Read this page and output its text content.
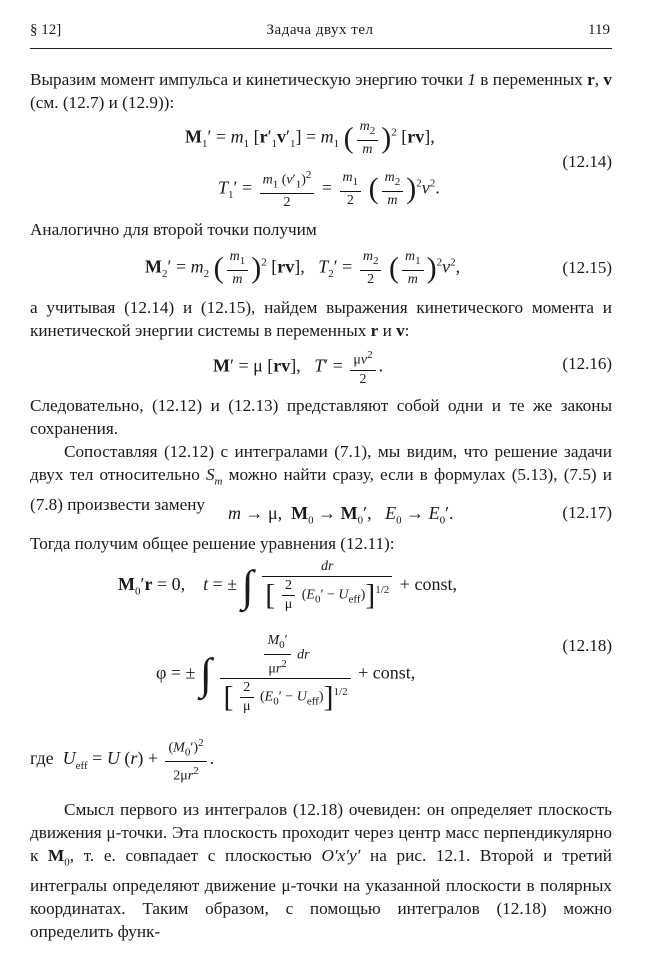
§ 12]	Задача двух тел	119
Выразим момент импульса и кинетическую энергию точки 1 в переменных r, v (см. (12.7) и (12.9)):
$M_1' = m_1$ $[r'_1v'_1] = m_1$ ( $\frac{m_2}{m} )^2$ [rv],
(12.14)
$T_1' = \frac{m_1 (v'_1)^2}{2} = \frac{m_1}{2}$ ( $\frac{m_2}{m} )^2v^2$.
Аналогично для второй точки получим
$M_2' = m_2$ ( $\frac{m_1}{m} )^2$ [rv],   $T_2' = \frac{m_2}{2}$ ( $\frac{m_1}{m} )^2v^2$,	(12.15)
а учитывая (12.14) и (12.15), найдем выражения кинетического момента и кинетической энергии системы в переменных r и v:
M′ = μ [rv],   $T' = \frac{\mu v^2}{2}$ .	(12.16)
Следовательно, (12.12) и (12.13) представляют собой одни и те же законы сохранения.
Сопоставляя (12.12) с интегралами (7.1), мы видим, что решение задачи двух тел относительно $S_m$ можно найти сразу, если в формулах (5.13), (7.5) и (7.8) произвести замену	m → μ,  $M_0 \to M_0'$,   $E_0 \to E_0'$.	(12.17)
Тогда получим общее решение уравнения (12.11):
$M_0'r = 0$,    t = ± ∫ $\frac{dr}{[ \frac{2}{\mu} (E_0' - U_{eff})]^{1/2}}$ + const,
(12.18)
φ = ± ∫ $\frac{\frac{M_0'}{\mu r^2} dr}{[ \frac{2}{\mu} (E_0' - U_{eff})]^{1/2}}$ + const,
где $U_{eff} = U$ $(r) + \frac{(M_0')^2}{2\mu r^2}$ .
Смысл первого из интегралов (12.18) очевиден: он определяет плоскость движения μ-точки. Эта плоскость проходит через центр масс перпендикулярно к $M_0$, т. е. совпадает с плоскостью O′x′y′ на рис. 12.1. Второй и третий интегралы определяют движение μ-точки на указанной плоскости в полярных координатах. Таким образом, с помощью интегралов (12.18) можно определить функ-
